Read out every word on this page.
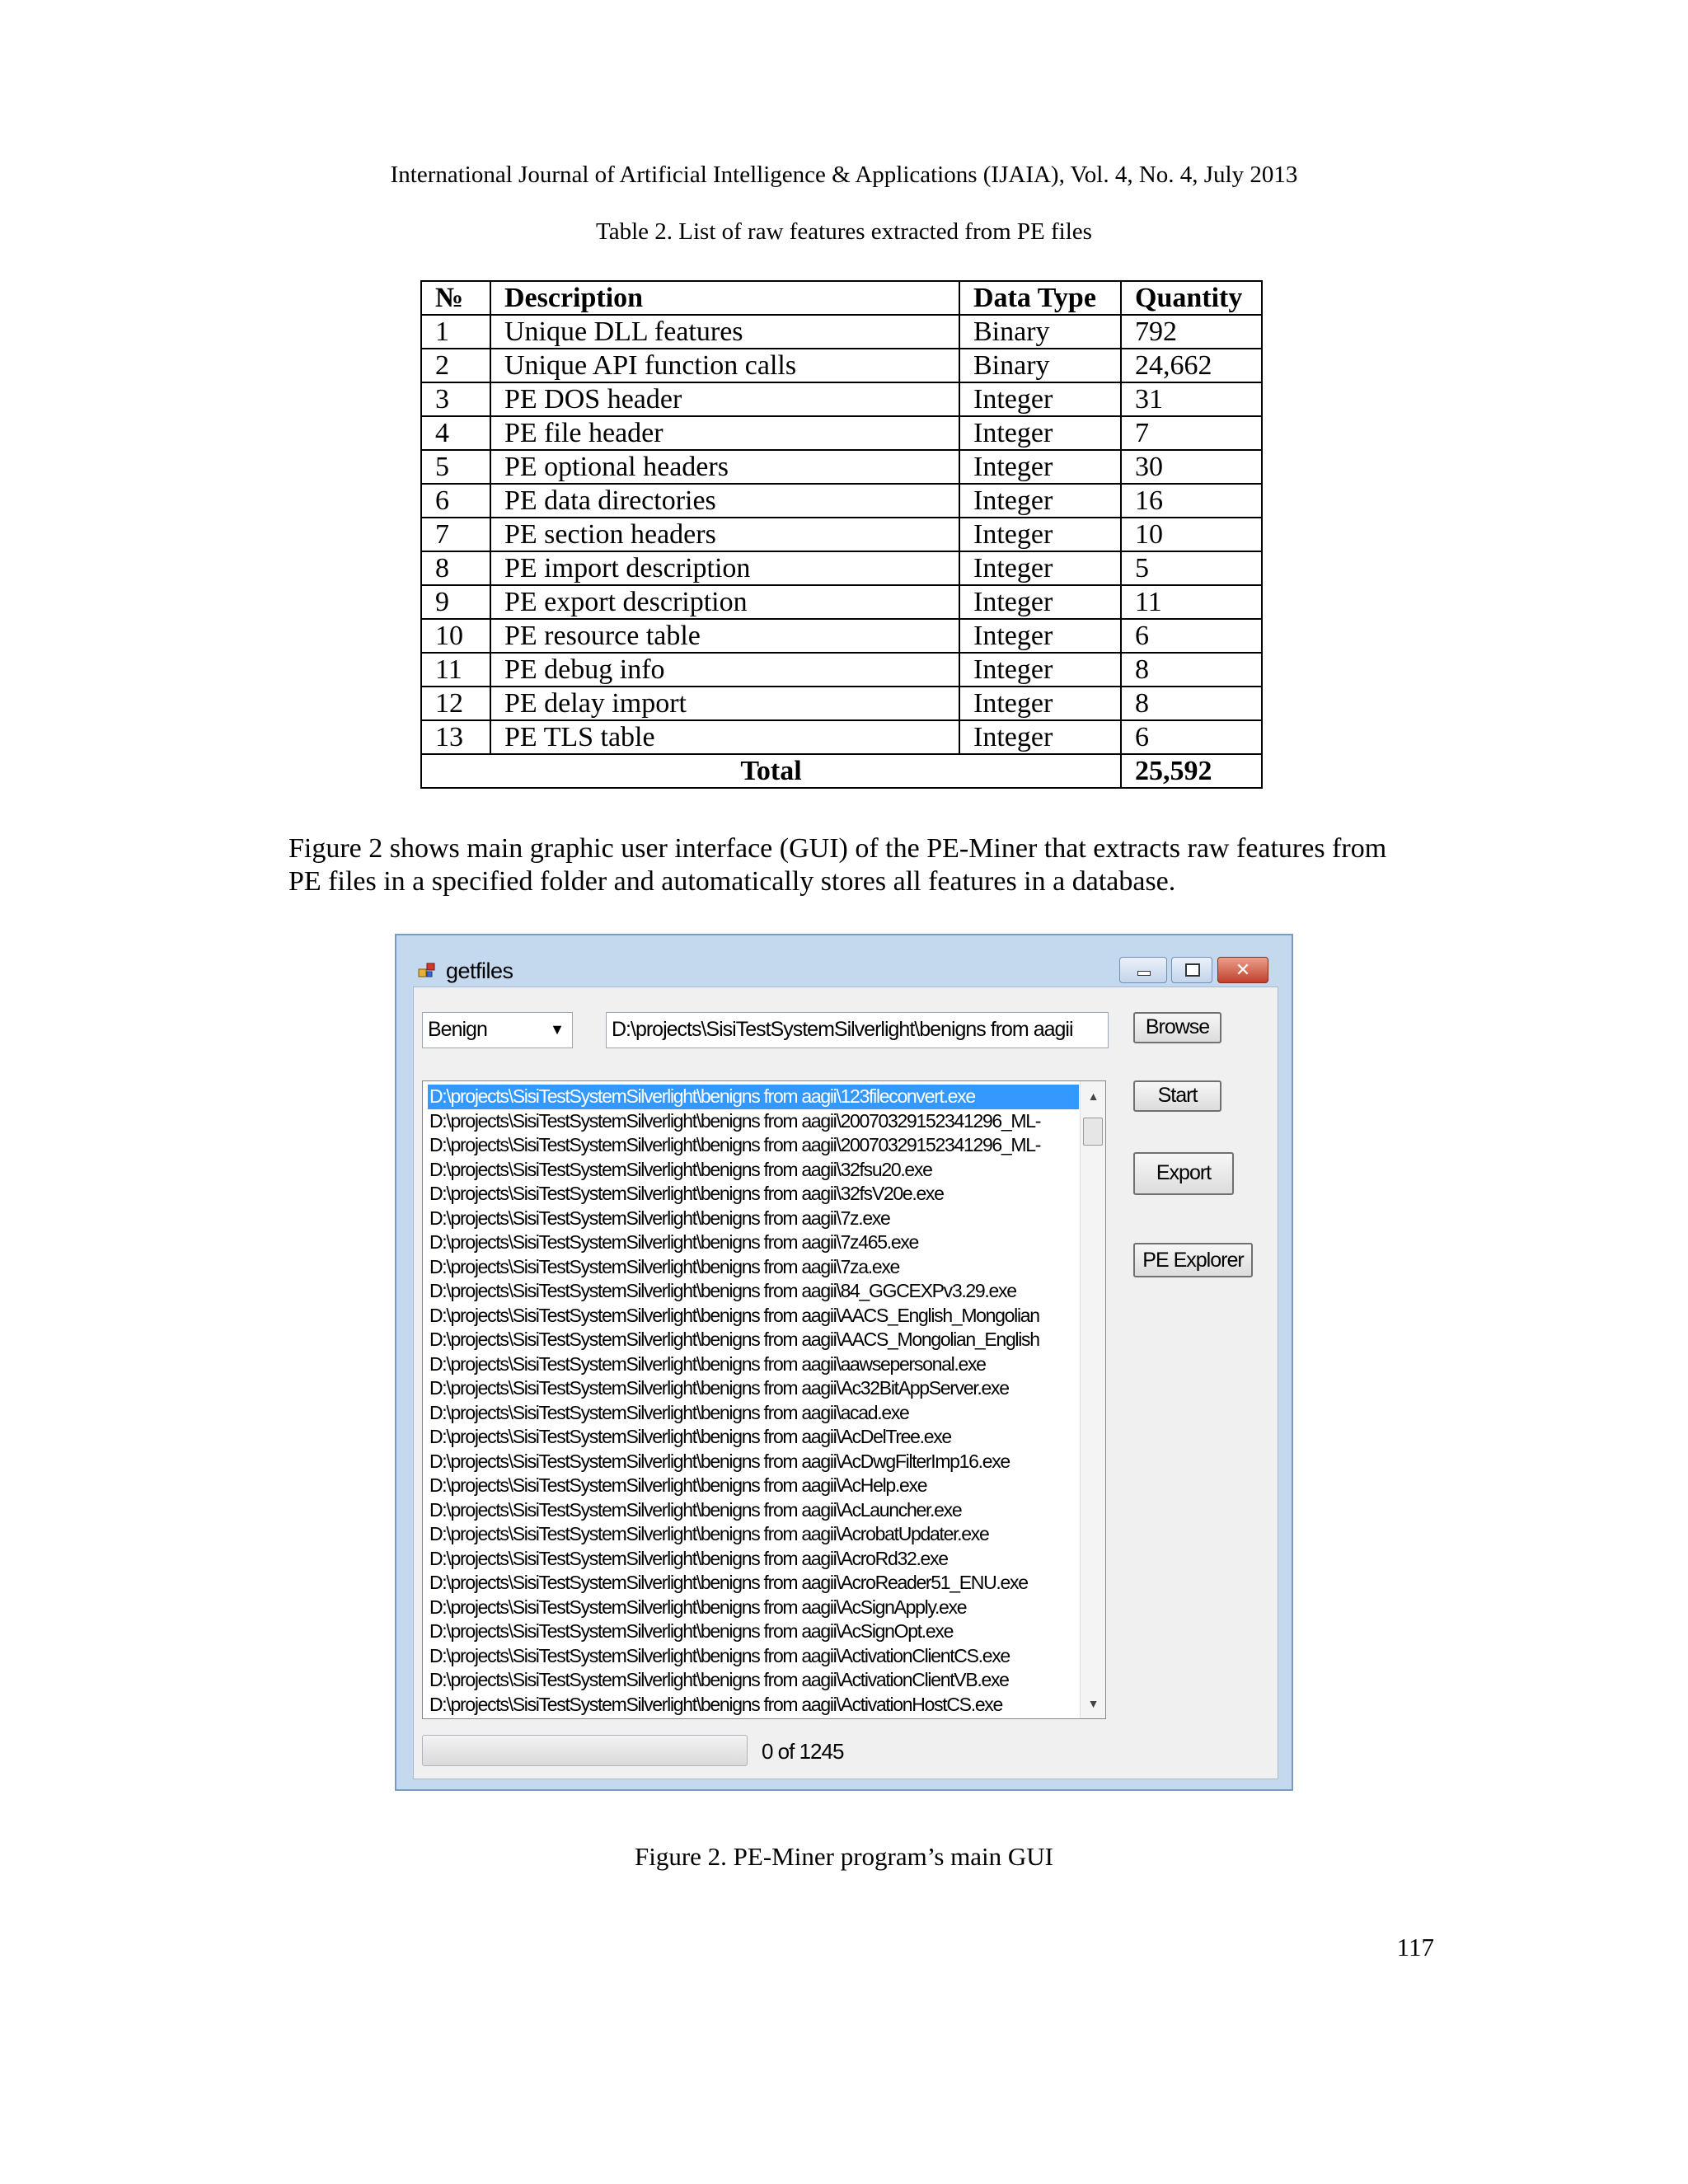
International Journal of Artificial Intelligence & Applications (IJAIA), Vol. 4, No. 4, July 2013
Table 2. List of raw features extracted from PE files
№	Description	Data Type	Quantity
1	Unique DLL features	Binary	792
2	Unique API function calls	Binary	24,662
3	PE DOS header	Integer	31
4	PE file header	Integer	7
5	PE optional headers	Integer	30
6	PE data directories	Integer	16
7	PE section headers	Integer	10
8	PE import description	Integer	5
9	PE export description	Integer	11
10	PE resource table	Integer	6
11	PE debug info	Integer	8
12	PE delay import	Integer	8
13	PE TLS table	Integer	6
Total			25,592
Figure 2 shows main graphic user interface (GUI) of the PE-Miner that extracts raw features from
PE files in a specified folder and automatically stores all features in a database.
getfiles	✕
Benign	▼ D:\projects\SisiTestSystemSilverlight\benigns from aagii	Browse
Start
Export
PE Explorer
D:\projects\SisiTestSystemSilverlight\benigns from aagii\123fileconvert.exe
D:\projects\SisiTestSystemSilverlight\benigns from aagii\20070329152341296_ML-
D:\projects\SisiTestSystemSilverlight\benigns from aagii\20070329152341296_ML-
D:\projects\SisiTestSystemSilverlight\benigns from aagii\32fsu20.exe
D:\projects\SisiTestSystemSilverlight\benigns from aagii\32fsV20e.exe
D:\projects\SisiTestSystemSilverlight\benigns from aagii\7z.exe
D:\projects\SisiTestSystemSilverlight\benigns from aagii\7z465.exe
D:\projects\SisiTestSystemSilverlight\benigns from aagii\7za.exe
D:\projects\SisiTestSystemSilverlight\benigns from aagii\84_GGCEXPv3.29.exe
D:\projects\SisiTestSystemSilverlight\benigns from aagii\AACS_English_Mongolian
D:\projects\SisiTestSystemSilverlight\benigns from aagii\AACS_Mongolian_English
D:\projects\SisiTestSystemSilverlight\benigns from aagii\aawsepersonal.exe
D:\projects\SisiTestSystemSilverlight\benigns from aagii\Ac32BitAppServer.exe
D:\projects\SisiTestSystemSilverlight\benigns from aagii\acad.exe
D:\projects\SisiTestSystemSilverlight\benigns from aagii\AcDelTree.exe
D:\projects\SisiTestSystemSilverlight\benigns from aagii\AcDwgFilterImp16.exe
D:\projects\SisiTestSystemSilverlight\benigns from aagii\AcHelp.exe
D:\projects\SisiTestSystemSilverlight\benigns from aagii\AcLauncher.exe
D:\projects\SisiTestSystemSilverlight\benigns from aagii\AcrobatUpdater.exe
D:\projects\SisiTestSystemSilverlight\benigns from aagii\AcroRd32.exe
D:\projects\SisiTestSystemSilverlight\benigns from aagii\AcroReader51_ENU.exe
D:\projects\SisiTestSystemSilverlight\benigns from aagii\AcSignApply.exe
D:\projects\SisiTestSystemSilverlight\benigns from aagii\AcSignOpt.exe
D:\projects\SisiTestSystemSilverlight\benigns from aagii\ActivationClientCS.exe
D:\projects\SisiTestSystemSilverlight\benigns from aagii\ActivationClientVB.exe
D:\projects\SisiTestSystemSilverlight\benigns from aagii\ActivationHostCS.exe
▲
▼
0 of 1245
Figure 2. PE-Miner program’s main GUI
117
